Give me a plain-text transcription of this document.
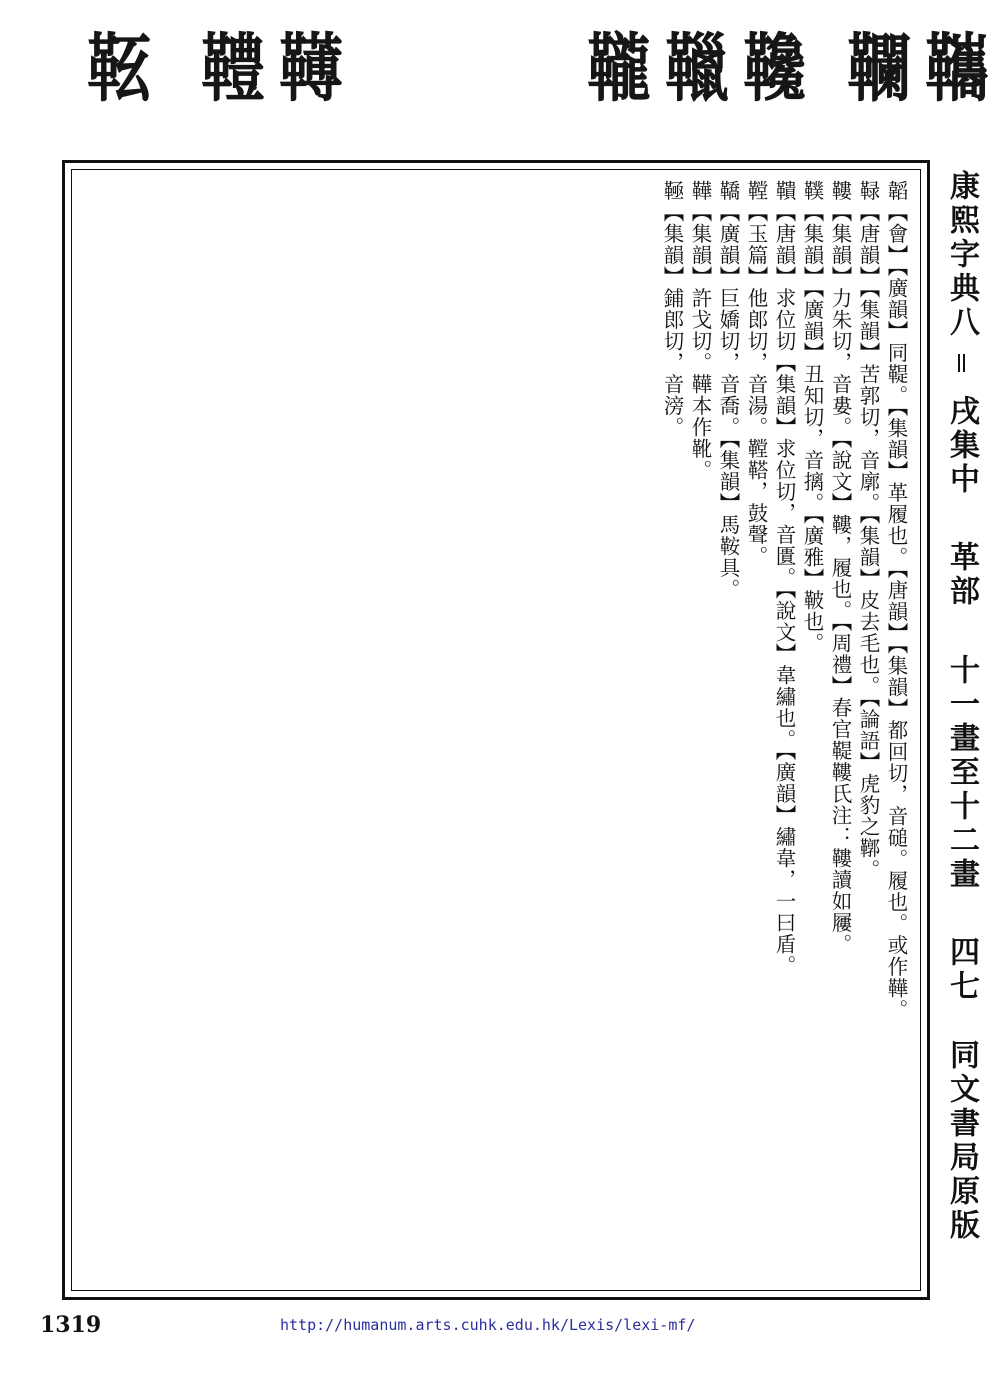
䩘 䪆 䪇	䪊 䪉 䪌 䪍 䪎

韜【會】【廣韻】同鞮。【集韻】革履也。【唐韻】【集韻】都回切，音磓。履也。或作鞾。

䩮【唐韻】【集韻】苦郭切，音廓。【集韻】皮去毛也。【論語】虎豹之鞹。

鞻【集韻】力朱切，音婁。【說文】鞻，履也。【周禮】春官鞮鞻氏注：鞻讀如屨。

䪁【集韻】【廣韻】丑知切，音摛。【廣雅】鞁也。

鞼【唐韻】求位切【集韻】求位切，音匱。【說文】韋繡也。【廣韻】繡韋，一曰盾。

鞺【玉篇】他郎切，音湯。鞺鞳，鼓聲。

鞽【廣韻】巨嬌切，音喬。【集韻】馬鞍具。

鞾【集韻】許戈切。鞾本作靴。

䩯【集韻】鋪郎切，音滂。	康熙字典八  戌集中 革部 十一畫至十二畫 四七 同文書局原版
1319	http://humanum.arts.cuhk.edu.hk/Lexis/lexi-mf/
